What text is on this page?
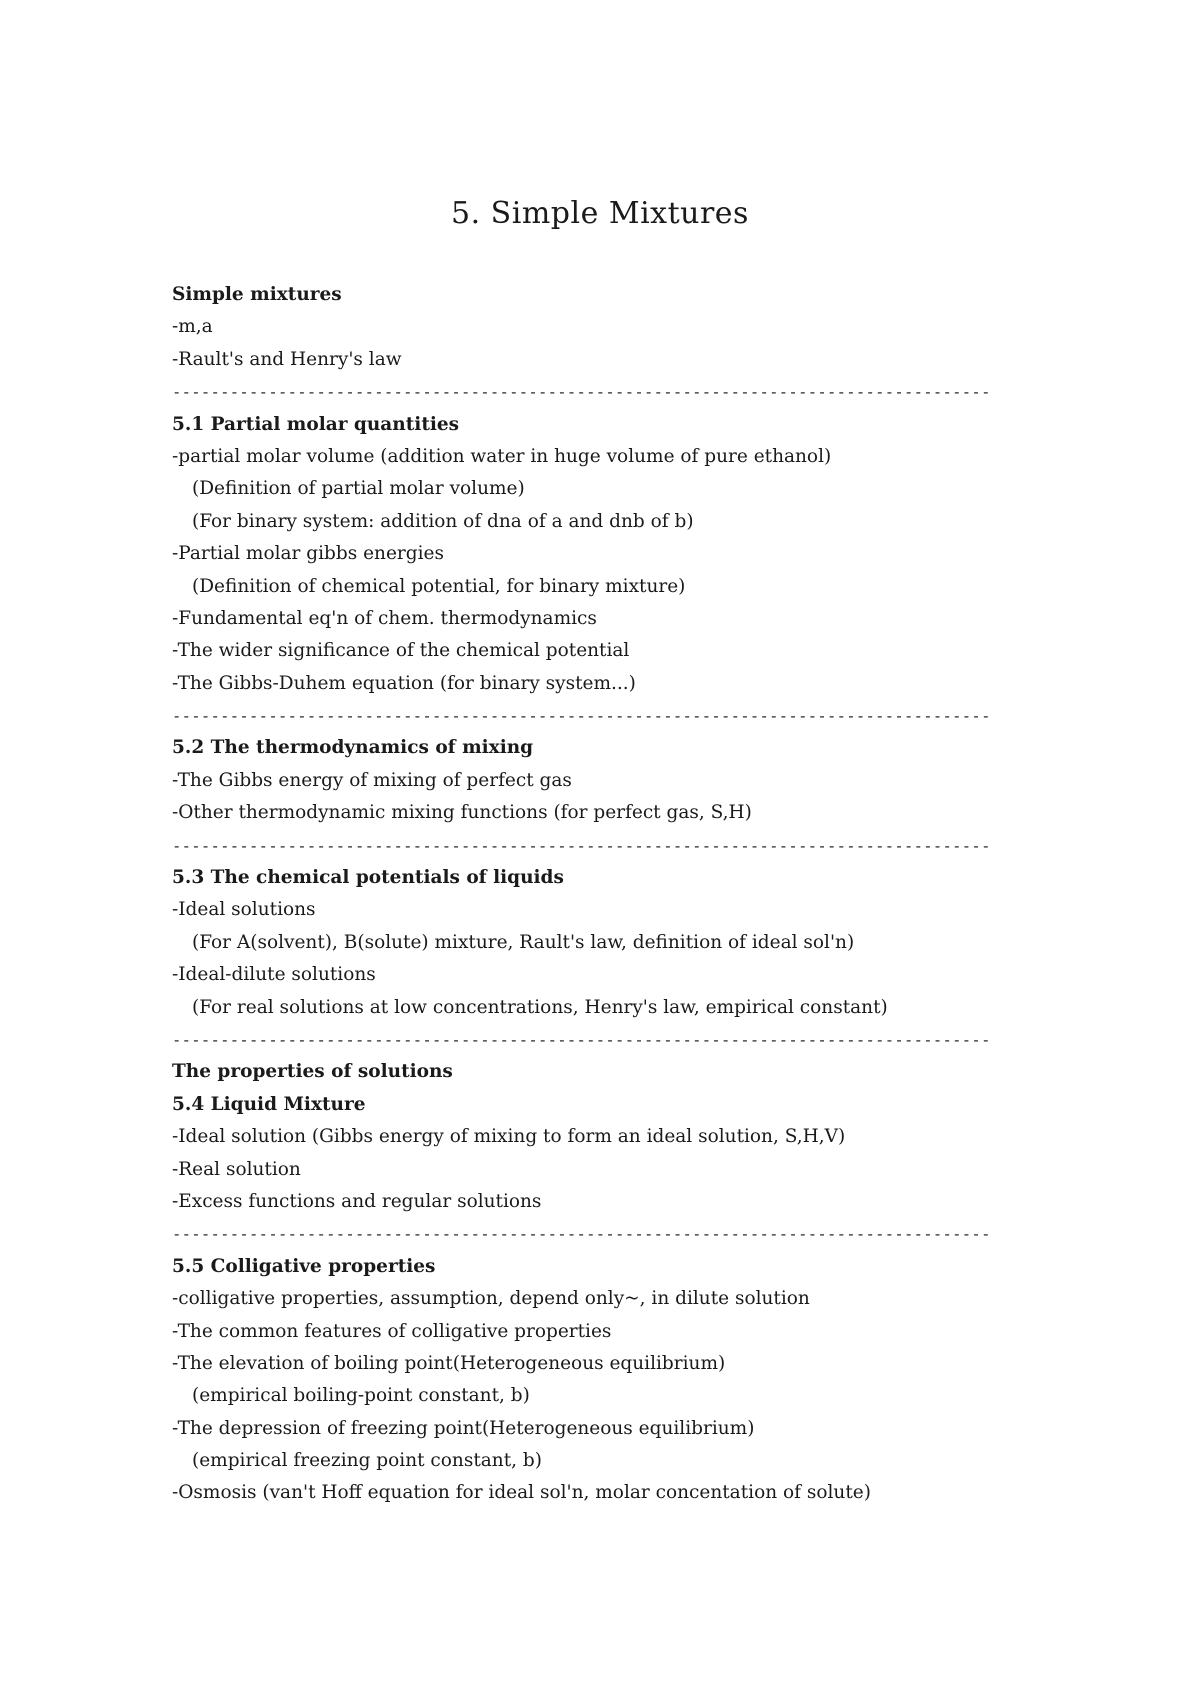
5. Simple Mixtures
Simple mixtures
-m,a
-Rault's and Henry's law
-------------------------------------------------------------------------------------
5.1 Partial molar quantities
-partial molar volume (addition water in huge volume of pure ethanol)
(Definition of partial molar volume)
(For binary system: addition of dna of a and dnb of b)
-Partial molar gibbs energies
(Definition of chemical potential, for binary mixture)
-Fundamental eq'n of chem. thermodynamics
-The wider significance of the chemical potential
-The Gibbs-Duhem equation (for binary system...)
-------------------------------------------------------------------------------------
5.2 The thermodynamics of mixing
-The Gibbs energy of mixing of perfect gas
-Other thermodynamic mixing functions (for perfect gas, S,H)
-------------------------------------------------------------------------------------
5.3 The chemical potentials of liquids
-Ideal solutions
(For A(solvent), B(solute) mixture, Rault's law, definition of ideal sol'n)
-Ideal-dilute solutions
(For real solutions at low concentrations, Henry's law, empirical constant)
-------------------------------------------------------------------------------------
The properties of solutions
5.4 Liquid Mixture
-Ideal solution (Gibbs energy of mixing to form an ideal solution, S,H,V)
-Real solution
-Excess functions and regular solutions
-------------------------------------------------------------------------------------
5.5 Colligative properties
-colligative properties, assumption, depend only~, in dilute solution
-The common features of colligative properties
-The elevation of boiling point(Heterogeneous equilibrium)
(empirical boiling-point constant, b)
-The depression of freezing point(Heterogeneous equilibrium)
(empirical freezing point constant, b)
-Osmosis (van't Hoff equation for ideal sol'n, molar concentation of solute)
